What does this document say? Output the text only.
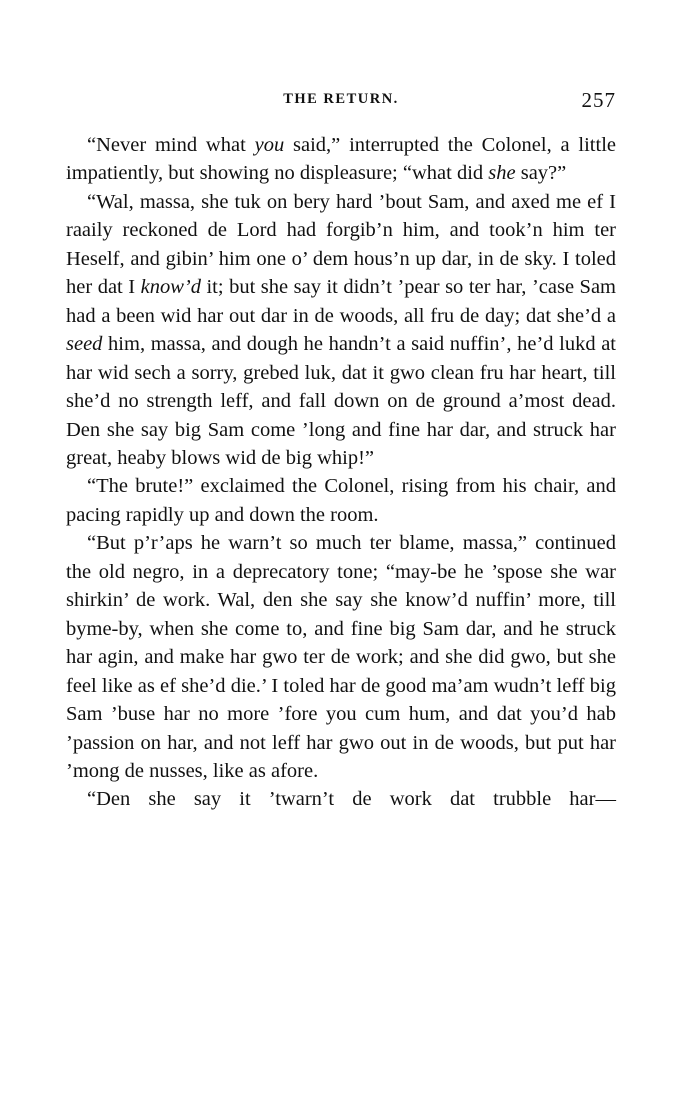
THE RETURN.	257

“Never mind what you said,” interrupted the Colonel, a little impatiently, but showing no displeasure; “what did she say?”

“Wal, massa, she tuk on bery hard ’bout Sam, and axed me ef I raaily reckoned de Lord had forgib’n him, and took’n him ter Heself, and gibin’ him one o’ dem hous’n up dar, in de sky. I toled her dat I know’d it; but she say it didn’t ’pear so ter har, ’case Sam had a been wid har out dar in de woods, all fru de day; dat she’d a seed him, massa, and dough he handn’t a said nuffin’, he’d lukd at har wid sech a sorry, grebed luk, dat it gwo clean fru har heart, till she’d no strength leff, and fall down on de ground a’most dead. Den she say big Sam come ’long and fine har dar, and struck har great, heaby blows wid de big whip!”

“The brute!” exclaimed the Colonel, rising from his chair, and pacing rapidly up and down the room.

“But p’r’aps he warn’t so much ter blame, massa,” continued the old negro, in a deprecatory tone; “may-be he ’spose she war shirkin’ de work. Wal, den she say she know’d nuffin’ more, till byme-by, when she come to, and fine big Sam dar, and he struck har agin, and make har gwo ter de work; and she did gwo, but she feel like as ef she’d die.’ I toled har de good ma’am wudn’t leff big Sam ’buse har no more ’fore you cum hum, and dat you’d hab ’passion on har, and not leff har gwo out in de woods, but put har ’mong de nusses, like as afore.

“Den she say it ’twarn’t de work dat trubble har—
